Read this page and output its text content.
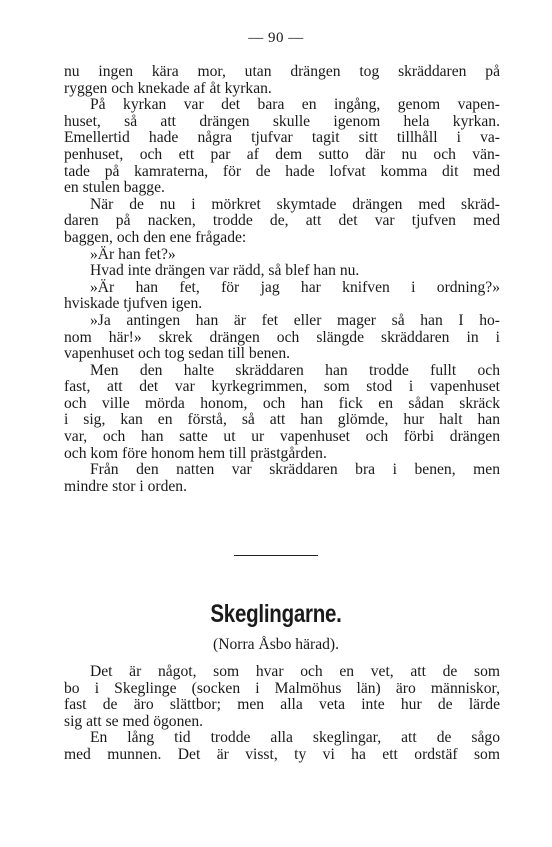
— 90 —
nu ingen kära mor, utan drängen tog skräddaren på
ryggen och knekade af åt kyrkan.
På kyrkan var det bara en ingång, genom vapen-
huset, så att drängen skulle igenom hela kyrkan.
Emellertid hade några tjufvar tagit sitt tillhåll i va-
penhuset, och ett par af dem sutto där nu och vän-
tade på kamraterna, för de hade lofvat komma dit med
en stulen bagge.
När de nu i mörkret skymtade drängen med skräd-
daren på nacken, trodde de, att det var tjufven med
baggen, och den ene frågade:
»Är han fet?»
Hvad inte drängen var rädd, så blef han nu.
»Är han fet, för jag har knifven i ordning?»
hviskade tjufven igen.
»Ja antingen han är fet eller mager så han I ho-
nom här!» skrek drängen och slängde skräddaren in i
vapenhuset och tog sedan till benen.
Men den halte skräddaren han trodde fullt och
fast, att det var kyrkegrimmen, som stod i vapenhuset
och ville mörda honom, och han fick en sådan skräck
i sig, kan en förstå, så att han glömde, hur halt han
var, och han satte ut ur vapenhuset och förbi drängen
och kom före honom hem till prästgården.
Från den natten var skräddaren bra i benen, men
mindre stor i orden.
Skeglingarne.
(Norra Åsbo härad).
Det är något, som hvar och en vet, att de som
bo i Skeglinge (socken i Malmöhus län) äro människor,
fast de äro slättbor; men alla veta inte hur de lärde
sig att se med ögonen.
En lång tid trodde alla skeglingar, att de sågo
med munnen. Det är visst, ty vi ha ett ordstäf som
